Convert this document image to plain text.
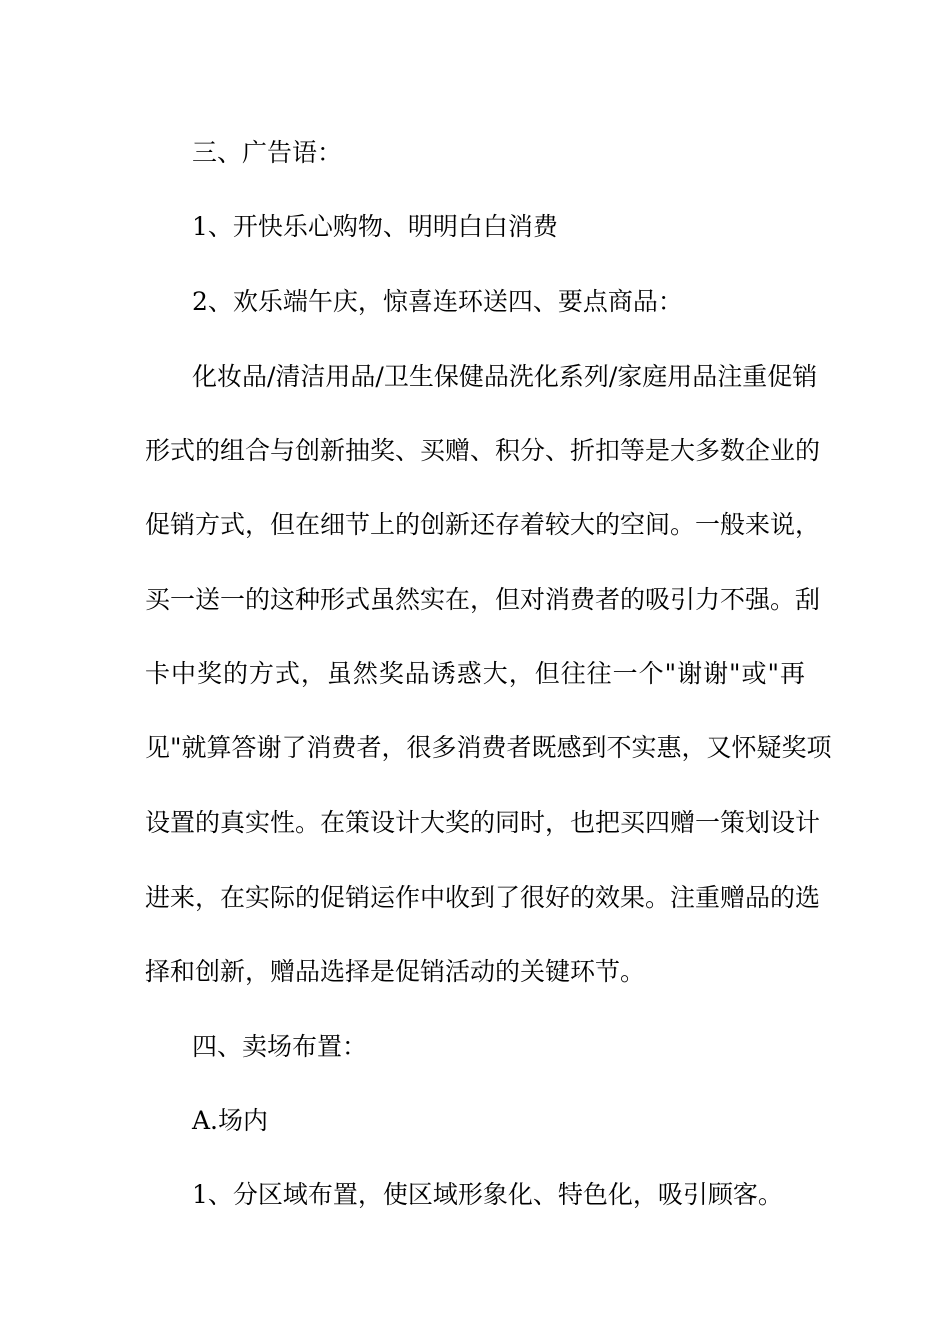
三、广告语：
1、开快乐心购物、明明白白消费
2、欢乐端午庆，惊喜连环送四、要点商品：
化妆品/清洁用品/卫生保健品洗化系列/家庭用品注重促销
形式的组合与创新抽奖、买赠、积分、折扣等是大多数企业的
促销方式，但在细节上的创新还存着较大的空间。一般来说，
买一送一的这种形式虽然实在，但对消费者的吸引力不强。刮
卡中奖的方式，虽然奖品诱惑大，但往往一个"谢谢"或"再
见"就算答谢了消费者，很多消费者既感到不实惠，又怀疑奖项
设置的真实性。在策设计大奖的同时，也把买四赠一策划设计
进来，在实际的促销运作中收到了很好的效果。注重赠品的选
择和创新，赠品选择是促销活动的关键环节。
四、卖场布置：
A.场内
1、分区域布置，使区域形象化、特色化，吸引顾客。
